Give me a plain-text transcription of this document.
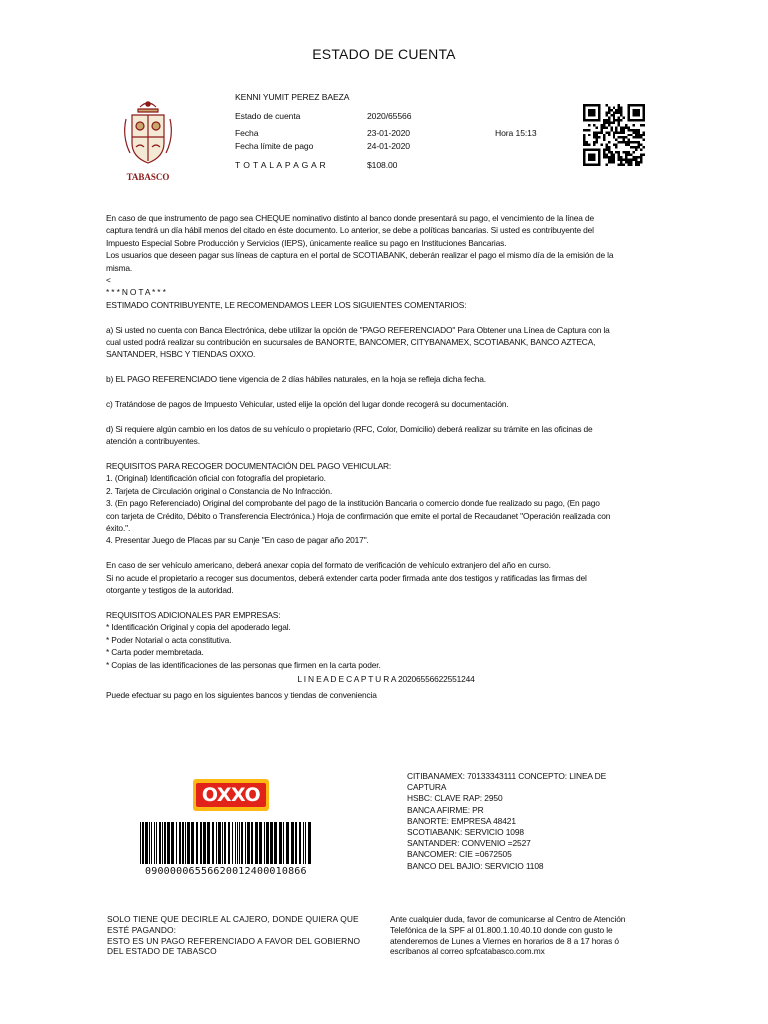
ESTADO DE CUENTA
TABASCO
KENNI YUMIT PEREZ BAEZA
Estado de cuenta	2020/65566
Fecha	23-01-2020	Hora 15:13
Fecha límite de pago	24-01-2020
T O T A L A P A G A R	$108.00

En caso de que instrumento de pago sea CHEQUE nominativo distinto al banco donde presentará su pago, el vencimiento de la línea de

captura tendrá un día hábil menos del citado en éste documento. Lo anterior, se debe a políticas bancarias. Si usted es contribuyente del

Impuesto Especial Sobre Producción y Servicios (IEPS), únicamente realice su pago en Instituciones Bancarias.

Los usuarios que deseen pagar sus líneas de captura en el portal de SCOTIABANK, deberán realizar el pago el mismo día de la emisión de la

misma.

<

* * * N O T A * * *

ESTIMADO CONTRIBUYENTE, LE RECOMENDAMOS LEER LOS SIGUIENTES COMENTARIOS:

a) Si usted no cuenta con Banca Electrónica, debe utilizar la opción de "PAGO REFERENCIADO" Para Obtener una Línea de Captura con la

cual usted podrá realizar su contribución en sucursales de BANORTE, BANCOMER, CITYBANAMEX, SCOTIABANK, BANCO AZTECA,

SANTANDER, HSBC Y TIENDAS OXXO.

b) EL PAGO REFERENCIADO tiene vigencia de 2 días hábiles naturales, en la hoja se refleja dicha fecha.

c) Tratándose de pagos de Impuesto Vehicular, usted elije la opción del lugar donde recogerá su documentación.

d) Si requiere algún cambio en los datos de su vehículo o propietario (RFC, Color, Domicilio) deberá realizar su trámite en las oficinas de

atención a contribuyentes.

REQUISITOS PARA RECOGER DOCUMENTACIÓN DEL PAGO VEHICULAR:

1. (Original) Identificación oficial con fotografía del propietario.

2. Tarjeta de Circulación original o Constancia de No Infracción.

3. (En pago Referenciado) Original del comprobante del pago de la institución Bancaria o comercio donde fue realizado su pago, (En pago

con tarjeta de Crédito, Débito o Transferencia Electrónica.) Hoja de confirmación que emite el portal de Recaudanet "Operación realizada con

éxito.".

4. Presentar Juego de Placas par su Canje "En caso de pagar año 2017".

En caso de ser vehículo americano, deberá anexar copia del formato de verificación de vehículo extranjero del año en curso.

Si no acude el propietario a recoger sus documentos, deberá extender carta poder firmada ante dos testigos y ratificadas las firmas del

otorgante y testigos de la autoridad.

REQUISITOS ADICIONALES PAR EMPRESAS:

* Identificación Original y copia del apoderado legal.

* Poder Notarial o acta constitutiva.

* Carta poder membretada.

* Copias de las identificaciones de las personas que firmen en la carta poder.

L I N E A D E C A P T U R A 20206556622551244

Puede efectuar su pago en los siguientes bancos y tiendas de conveniencia

OXXO
09000006556620012400010866
CITIBANAMEX: 70133343111 CONCEPTO: LINEA DE
CAPTURA
HSBC: CLAVE RAP: 2950
BANCA AFIRME: PR
BANORTE: EMPRESA 48421
SCOTIABANK: SERVICIO 1098
SANTANDER: CONVENIO =2527
BANCOMER: CIE =0672505
BANCO DEL BAJIO: SERVICIO 1108
SOLO TIENE QUE DECIRLE AL CAJERO, DONDE QUIERA QUE
ESTÉ PAGANDO:
ESTO ES UN PAGO REFERENCIADO A FAVOR DEL GOBIERNO
DEL ESTADO DE TABASCO
Ante cualquier duda, favor de comunicarse al Centro de Atención
Telefónica de la SPF al 01.800.1.10.40.10 donde con gusto le
atenderemos de Lunes a Viernes en horarios de 8 a 17 horas ó
escribanos al correo spfcatabasco.com.mx
